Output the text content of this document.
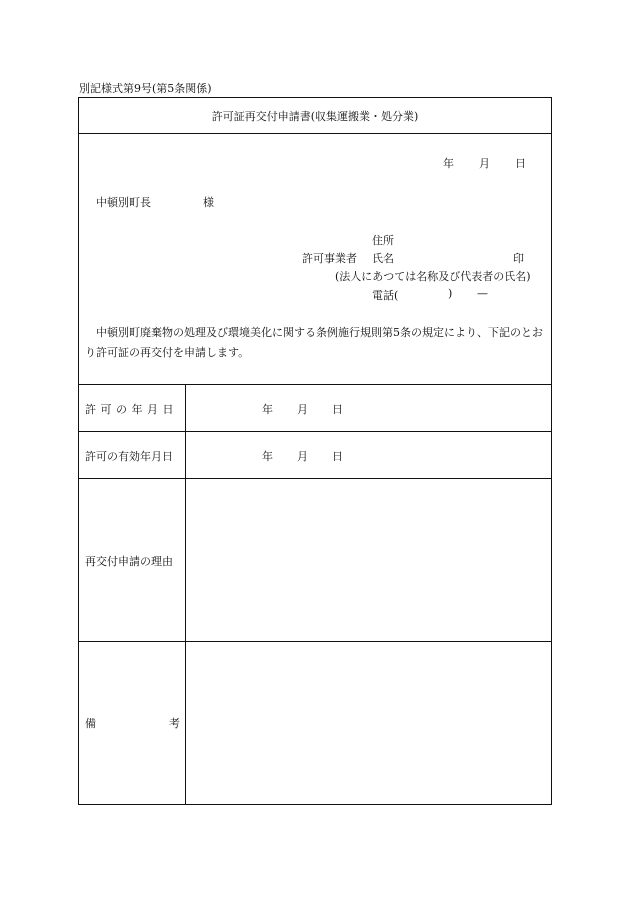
別記様式第9号(第5条関係)
許可証再交付申請書(収集運搬業・処分業)
年 月 日
中頓別町長	様
住所
許可事業者 氏名	印
(法人にあつては名称及び代表者の氏名)
電話(	) —
中頓別町廃棄物の処理及び環境美化に関する条例施行規則第5条の規定により、下記のとおり許可証の再交付を申請します。
許可の年月日	年 月 日
許可の有効年月日	年 月 日
再交付申請の理由
備	考
